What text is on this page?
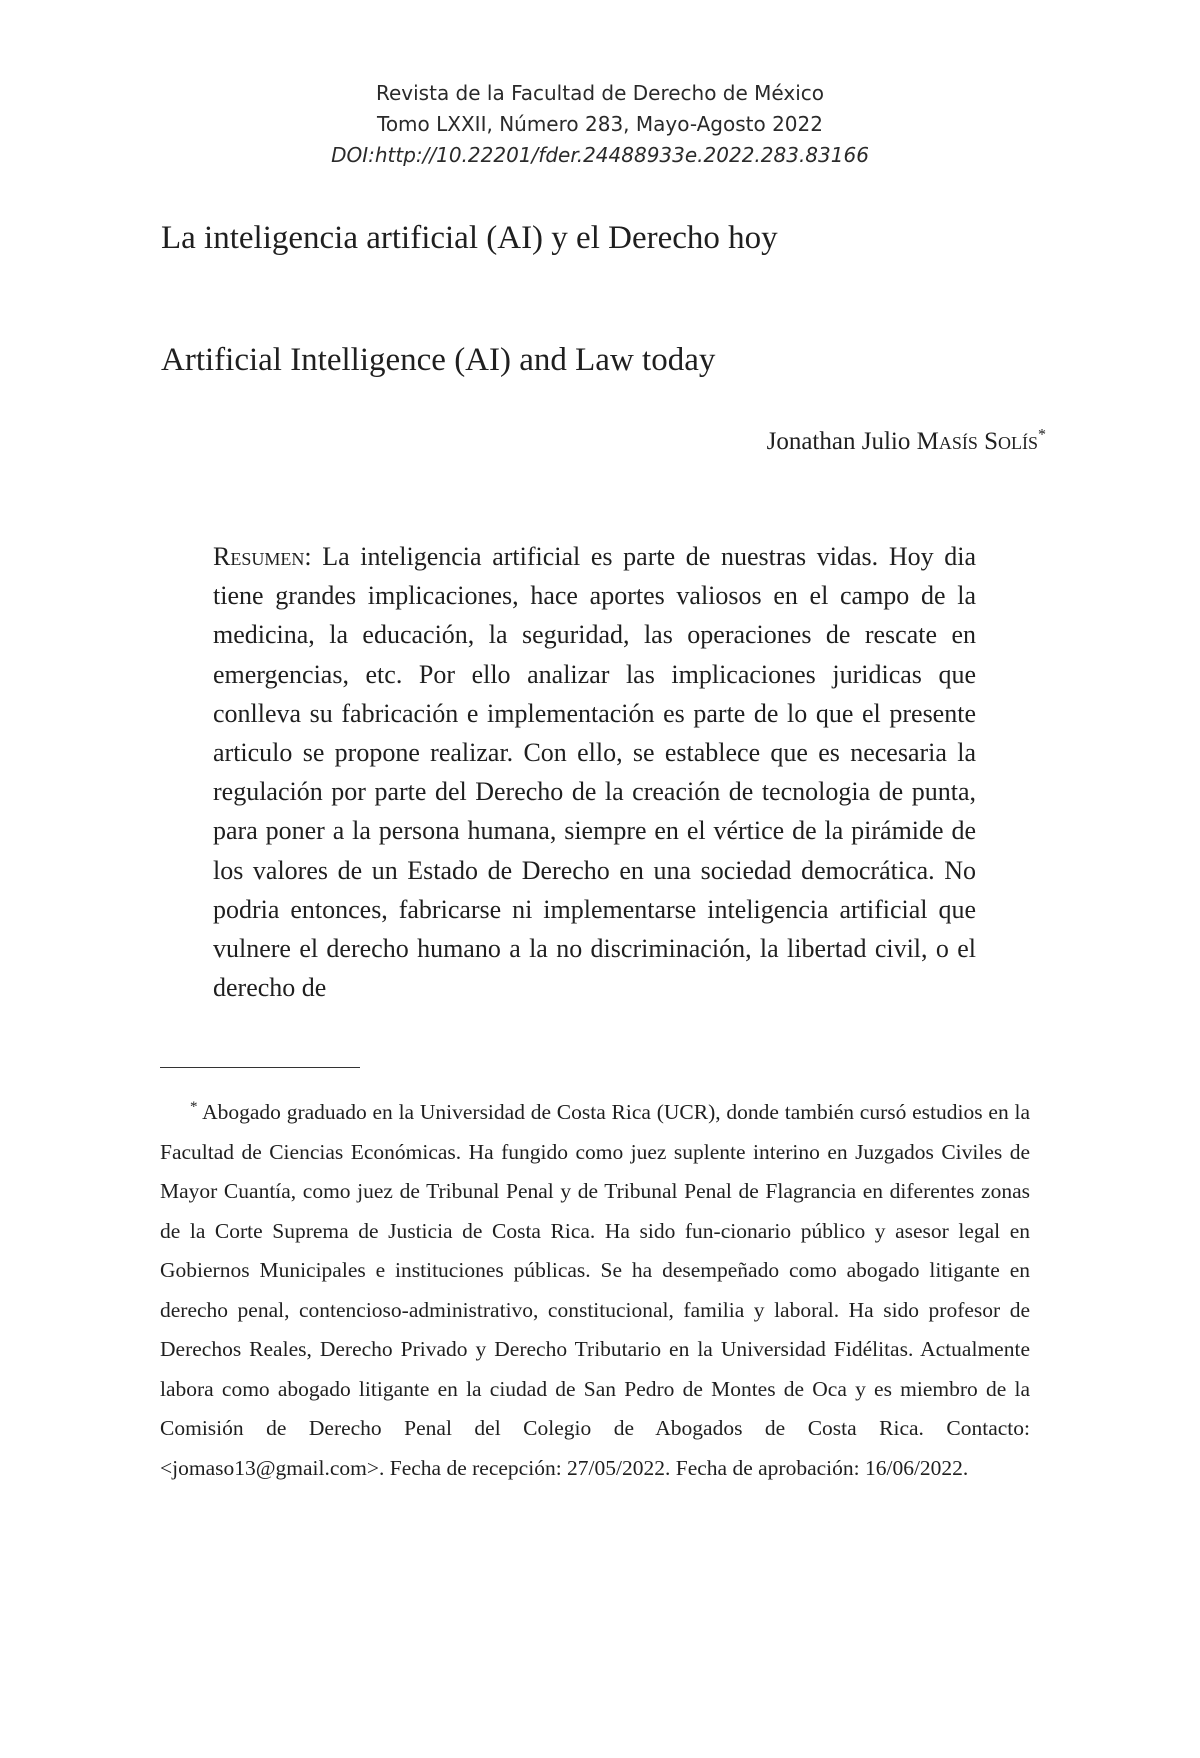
Revista de la Facultad de Derecho de México
Tomo LXXII, Número 283, Mayo-Agosto 2022
DOI:http://10.22201/fder.24488933e.2022.283.83166
La inteligencia artificial (AI) y el Derecho hoy
Artificial Intelligence (AI) and Law today
Jonathan Julio Masís Solís*
Resumen: La inteligencia artificial es parte de nuestras vidas. Hoy dia tiene grandes implicaciones, hace aportes valiosos en el campo de la medicina, la educación, la seguridad, las operaciones de rescate en emergencias, etc. Por ello analizar las implicaciones juridicas que conlleva su fabricación e implementación es parte de lo que el presente articulo se propone realizar. Con ello, se establece que es necesaria la regulación por parte del Derecho de la creación de tecnologia de punta, para poner a la persona humana, siempre en el vértice de la pirámide de los valores de un Estado de Derecho en una sociedad democrática. No podria entonces, fabricarse ni implementarse inteligencia artificial que vulnere el derecho humano a la no discriminación, la libertad civil, o el derecho de
* Abogado graduado en la Universidad de Costa Rica (UCR), donde también cursó estudios en la Facultad de Ciencias Económicas. Ha fungido como juez suplente interino en Juzgados Civiles de Mayor Cuantía, como juez de Tribunal Penal y de Tribunal Penal de Flagrancia en diferentes zonas de la Corte Suprema de Justicia de Costa Rica. Ha sido fun-cionario público y asesor legal en Gobiernos Municipales e instituciones públicas. Se ha desempeñado como abogado litigante en derecho penal, contencioso-administrativo, constitucional, familia y laboral. Ha sido profesor de Derechos Reales, Derecho Privado y Derecho Tributario en la Universidad Fidélitas. Actualmente labora como abogado litigante en la ciudad de San Pedro de Montes de Oca y es miembro de la Comisión de Derecho Penal del Colegio de Abogados de Costa Rica. Contacto: <jomaso13@gmail.com>. Fecha de recepción: 27/05/2022. Fecha de aprobación: 16/06/2022.
